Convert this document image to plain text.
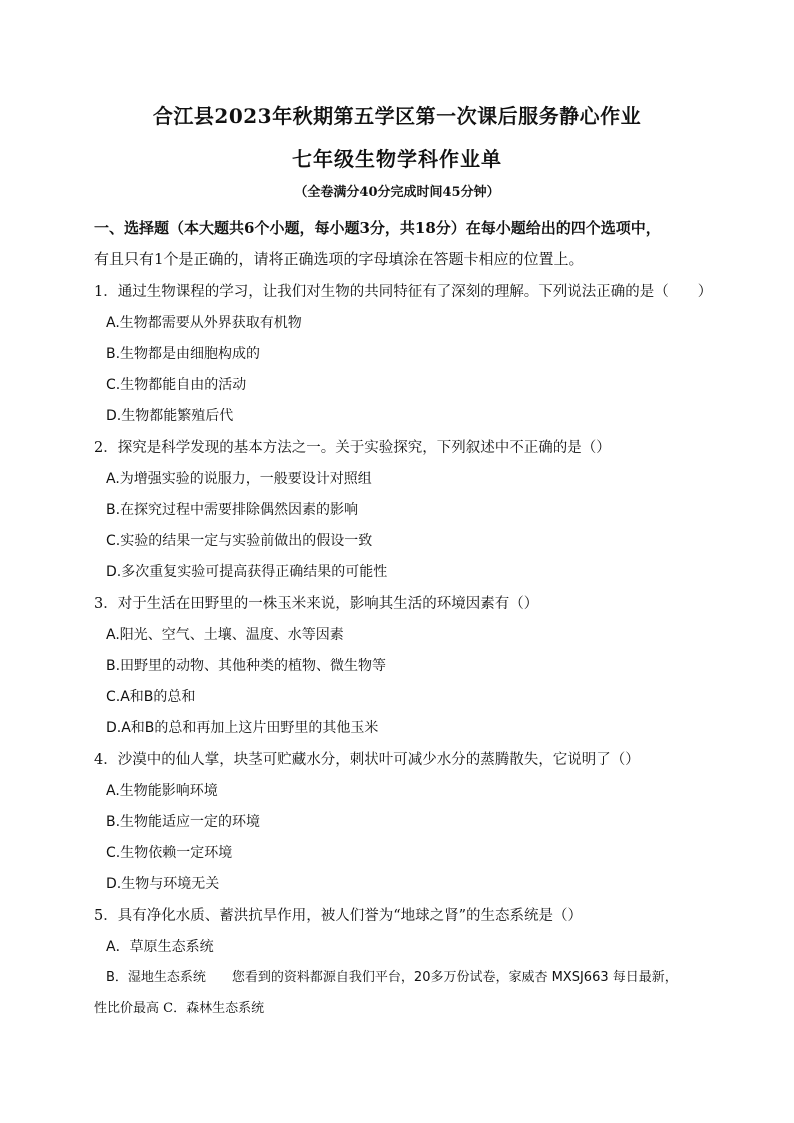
合江县2023年秋期第五学区第一次课后服务静心作业
七年级生物学科作业单
（全卷满分40分完成时间45分钟）
一、选择题（本大题共6个小题，每小题3分，共18分）在每小题给出的四个选项中，
有且只有1个是正确的，请将正确选项的字母填涂在答题卡相应的位置上。
1．通过生物课程的学习，让我们对生物的共同特征有了深刻的理解。下列说法正确的是（　　）
A.生物都需要从外界获取有机物
B.生物都是由细胞构成的
C.生物都能自由的活动
D.生物都能繁殖后代
2．探究是科学发现的基本方法之一。关于实验探究，下列叙述中不正确的是（）
A.为增强实验的说服力，一般要设计对照组
B.在探究过程中需要排除偶然因素的影响
C.实验的结果一定与实验前做出的假设一致
D.多次重复实验可提高获得正确结果的可能性
3．对于生活在田野里的一株玉米来说，影响其生活的环境因素有（）
A.阳光、空气、土壤、温度、水等因素
B.田野里的动物、其他种类的植物、微生物等
C.A和B的总和
D.A和B的总和再加上这片田野里的其他玉米
4．沙漠中的仙人掌，块茎可贮藏水分，刺状叶可减少水分的蒸腾散失，它说明了（）
A.生物能影响环境
B.生物能适应一定的环境
C.生物依赖一定环境
D.生物与环境无关
5．具有净化水质、蓄洪抗旱作用，被人们誉为“地球之肾”的生态系统是（）
A．草原生态系统
B．湿地生态系统　　您看到的资料都源自我们平台，20多万份试卷，家威杏 MXSJ663 每日最新，
性比价最高 C．森林生态系统
